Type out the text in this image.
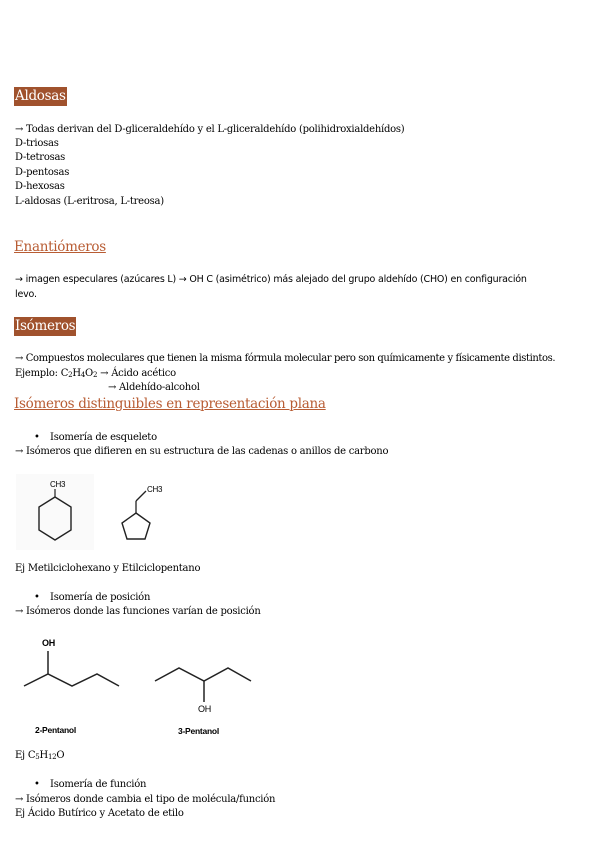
Aldosas
→ Todas derivan del D-gliceraldehído y el L-gliceraldehído (polihidroxialdehídos)
D-triosas
D-tetrosas
D-pentosas
D-hexosas
L-aldosas (L-eritrosa, L-treosa)
Enantiómeros
→ imagen especulares (azúcares L) → OH C (asimétrico) más alejado del grupo aldehído (CHO) en configuración
levo.
Isómeros
→ Compuestos moleculares que tienen la misma fórmula molecular pero son químicamente y físicamente distintos.
Ejemplo: $C_2H_4O_2$ → Ácido acético
→ Aldehído-alcohol
Isómeros distinguibles en representación plana
• Isomería de esqueleto
→ Isómeros que difieren en su estructura de las cadenas o anillos de carbono
CH3
CH3
Ej Metilciclohexano y Etilciclopentano
• Isomería de posición
→ Isómeros donde las funciones varían de posición
OH
OH
2-Pentanol	3-Pentanol
Ej $C_5H_{12}O$
• Isomería de función
→ Isómeros donde cambia el tipo de molécula/función
Ej Ácido Butírico y Acetato de etilo
